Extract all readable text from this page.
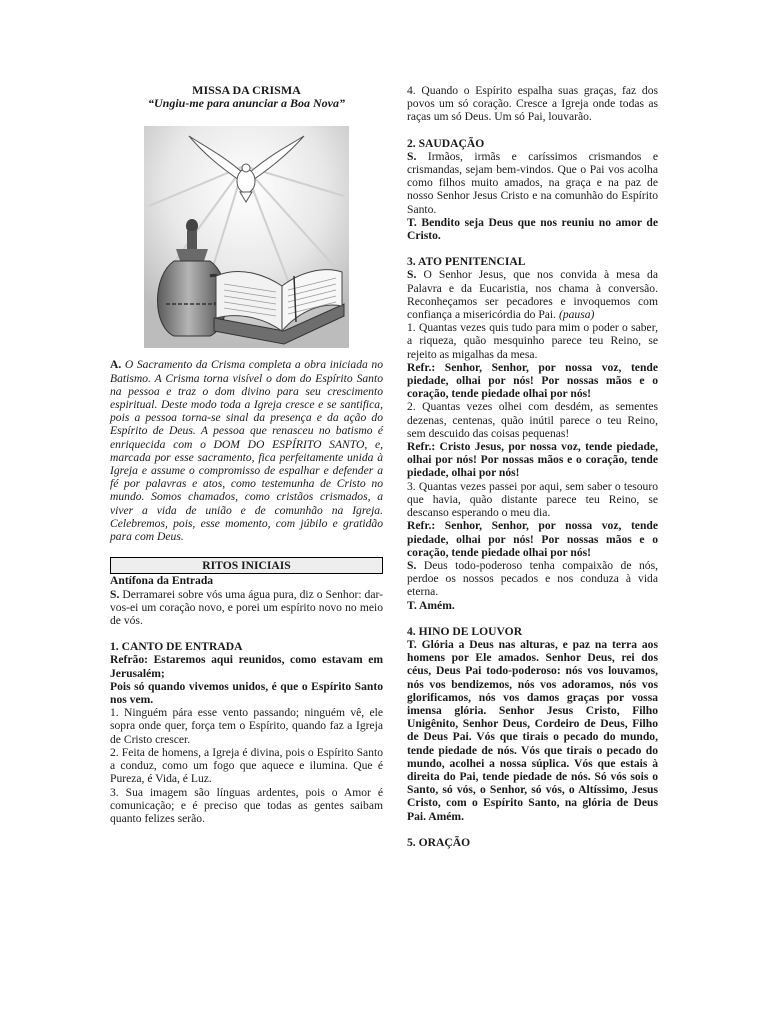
MISSA DA CRISMA

“Ungiu-me para anunciar a Boa Nova”

A. O Sacramento da Crisma completa a obra iniciada no Batismo. A Crisma torna visível o dom do Espírito Santo na pessoa e traz o dom divino para seu crescimento espiritual. Deste modo toda a Igreja cresce e se santifica, pois a pessoa torna-se sinal da presença e da ação do Espírito de Deus. A pessoa que renasceu no batismo é enriquecida com o DOM DO ESPÍRITO SANTO, e, marcada por esse sacramento, fica perfeitamente unida à Igreja e assume o compromisso de espalhar e defender a fé por palavras e atos, como testemunha de Cristo no mundo. Somos chamados, como cristãos crismados, a viver a vida de união e de comunhão na Igreja. Celebremos, pois, esse momento, com júbilo e gratidão para com Deus.

RITOS INICIAIS

Antífona da Entrada

S. Derramarei sobre vós uma água pura, diz o Senhor: dar-vos-ei um coração novo, e porei um espírito novo no meio de vós.

1. CANTO DE ENTRADA

Refrão: Estaremos aqui reunidos, como estavam em Jerusalém;

Pois só quando vivemos unidos, é que o Espírito Santo nos vem.

1. Ninguém pára esse vento passando; ninguém vê, ele sopra onde quer, força tem o Espírito, quando faz a Igreja de Cristo crescer.

2. Feita de homens, a Igreja é divina, pois o Espírito Santo a conduz, como um fogo que aquece e ilumina. Que é Pureza, é Vida, é Luz.

3. Sua imagem são línguas ardentes, pois o Amor é comunicação; e é preciso que todas as gentes saibam quanto felizes serão.

4. Quando o Espírito espalha suas graças, faz dos povos um só coração. Cresce a Igreja onde todas as raças um só Deus. Um só Pai, louvarão.

2. SAUDAÇÃO

S. Irmãos, irmãs e caríssimos crismandos e crismandas, sejam bem-vindos. Que o Pai vos acolha como filhos muito amados, na graça e na paz de nosso Senhor Jesus Cristo e na comunhão do Espírito Santo.

T. Bendito seja Deus que nos reuniu no amor de Cristo.

3. ATO PENITENCIAL

S. O Senhor Jesus, que nos convida à mesa da Palavra e da Eucaristia, nos chama à conversão. Reconheçamos ser pecadores e invoquemos com confiança a misericórdia do Pai. (pausa)

1. Quantas vezes quis tudo para mim o poder o saber, a riqueza, quão mesquinho parece teu Reino, se rejeito as migalhas da mesa.

Refr.: Senhor, Senhor, por nossa voz, tende piedade, olhai por nós! Por nossas mãos e o coração, tende piedade olhai por nós!

2. Quantas vezes olhei com desdém, as sementes dezenas, centenas, quão inútil parece o teu Reino, sem descuido das coisas pequenas!

Refr.: Cristo Jesus, por nossa voz, tende piedade, olhai por nós! Por nossas mãos e o coração, tende piedade, olhai por nós!

3. Quantas vezes passei por aqui, sem saber o tesouro que havia, quão distante parece teu Reino, se descanso esperando o meu dia.

Refr.: Senhor, Senhor, por nossa voz, tende piedade, olhai por nós! Por nossas mãos e o coração, tende piedade olhai por nós!

S. Deus todo-poderoso tenha compaixão de nós, perdoe os nossos pecados e nos conduza à vida eterna.

T. Amém.

4. HINO DE LOUVOR

T. Glória a Deus nas alturas, e paz na terra aos homens por Ele amados. Senhor Deus, rei dos céus, Deus Pai todo-poderoso: nós vos louvamos, nós vos bendizemos, nós vos adoramos, nós vos glorificamos, nós vos damos graças por vossa imensa glória. Senhor Jesus Cristo, Filho Unigênito, Senhor Deus, Cordeiro de Deus, Filho de Deus Pai. Vós que tirais o pecado do mundo, tende piedade de nós. Vós que tirais o pecado do mundo, acolhei a nossa súplica. Vós que estais à direita do Pai, tende piedade de nós. Só vós sois o Santo, só vós, o Senhor, só vós, o Altíssimo, Jesus Cristo, com o Espírito Santo, na glória de Deus Pai. Amém.

5. ORAÇÃO
